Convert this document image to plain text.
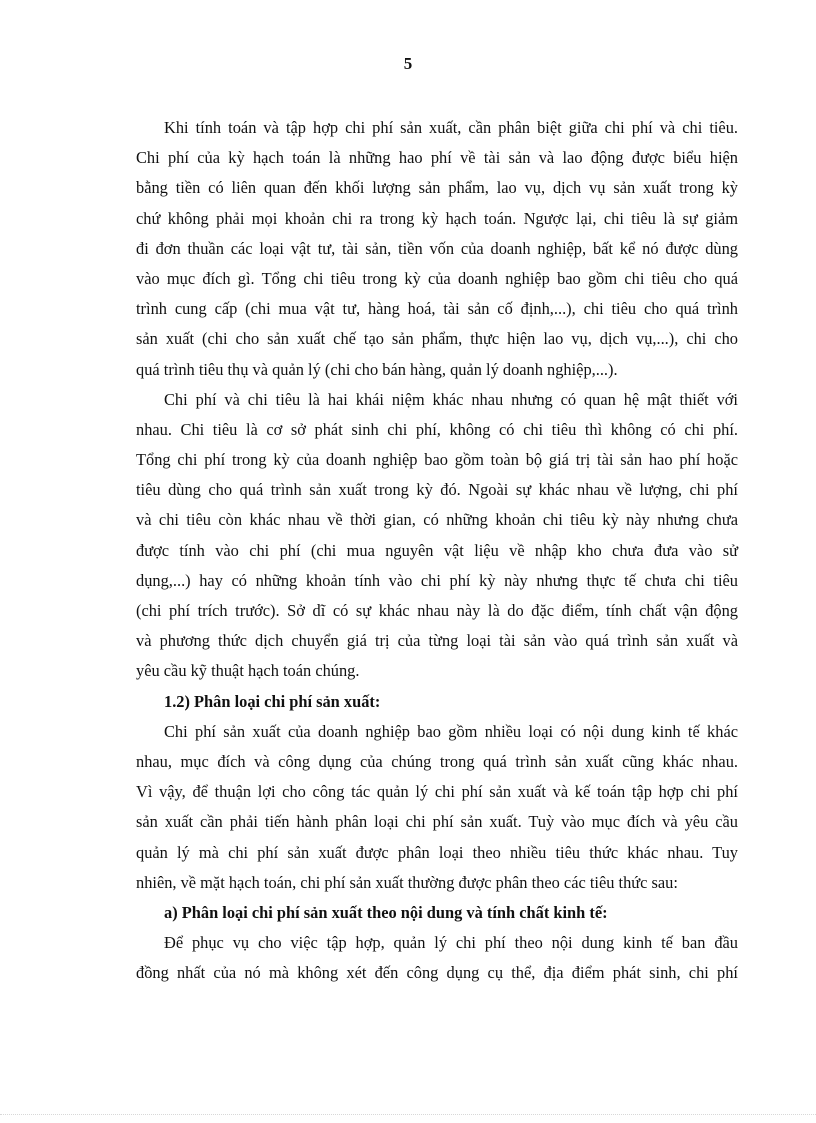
5
Khi tính toán và tập hợp chi phí sản xuất, cần phân biệt giữa chi phí và chi tiêu.
Chi phí của kỳ hạch toán là những hao phí về tài sản và lao động được biểu hiện
bằng tiền có liên quan đến khối lượng sản phẩm, lao vụ, dịch vụ sản xuất trong kỳ
chứ không phải mọi khoản chi ra trong kỳ hạch toán. Ngược lại, chi tiêu là sự giảm
đi đơn thuần các loại vật tư, tài sản, tiền vốn của doanh nghiệp, bất kể nó được dùng
vào mục đích gì. Tổng chi tiêu trong kỳ của doanh nghiệp bao gồm chi tiêu cho quá
trình cung cấp (chi mua vật tư, hàng hoá, tài sản cố định,...), chi tiêu cho quá trình
sản xuất (chi cho sản xuất chế tạo sản phẩm, thực hiện lao vụ, dịch vụ,...), chi cho
quá trình tiêu thụ và quản lý (chi cho bán hàng, quản lý doanh nghiệp,...).
Chi phí và chi tiêu là hai khái niệm khác nhau nhưng có quan hệ mật thiết với
nhau. Chi tiêu là cơ sở phát sinh chi phí, không có chi tiêu thì không có chi phí.
Tổng chi phí trong kỳ của doanh nghiệp bao gồm toàn bộ giá trị tài sản hao phí hoặc
tiêu dùng cho quá trình sản xuất trong kỳ đó. Ngoài sự khác nhau về lượng, chi phí
và chi tiêu còn khác nhau về thời gian, có những khoản chi tiêu kỳ này nhưng chưa
được tính vào chi phí (chi mua nguyên vật liệu về nhập kho chưa đưa vào sử
dụng,...) hay có những khoản tính vào chi phí kỳ này nhưng thực tế chưa chi tiêu
(chi phí trích trước). Sở dĩ có sự khác nhau này là do đặc điểm, tính chất vận động
và phương thức dịch chuyển giá trị của từng loại tài sản vào quá trình sản xuất và
yêu cầu kỹ thuật hạch toán chúng.
1.2) Phân loại chi phí sản xuất:
Chi phí sản xuất của doanh nghiệp bao gồm nhiều loại có nội dung kinh tế khác
nhau, mục đích và công dụng của chúng trong quá trình sản xuất cũng khác nhau.
Vì vậy, để thuận lợi cho công tác quản lý chi phí sản xuất và kế toán tập hợp chi phí
sản xuất cần phải tiến hành phân loại chi phí sản xuất. Tuỳ vào mục đích và yêu cầu
quản lý mà chi phí sản xuất được phân loại theo nhiều tiêu thức khác nhau. Tuy
nhiên, về mặt hạch toán, chi phí sản xuất thường được phân theo các tiêu thức sau:
a) Phân loại chi phí sản xuất theo nội dung và tính chất kinh tế:
Để phục vụ cho việc tập hợp, quản lý chi phí theo nội dung kinh tế ban đầu
đồng nhất của nó mà không xét đến công dụng cụ thể, địa điểm phát sinh, chi phí
